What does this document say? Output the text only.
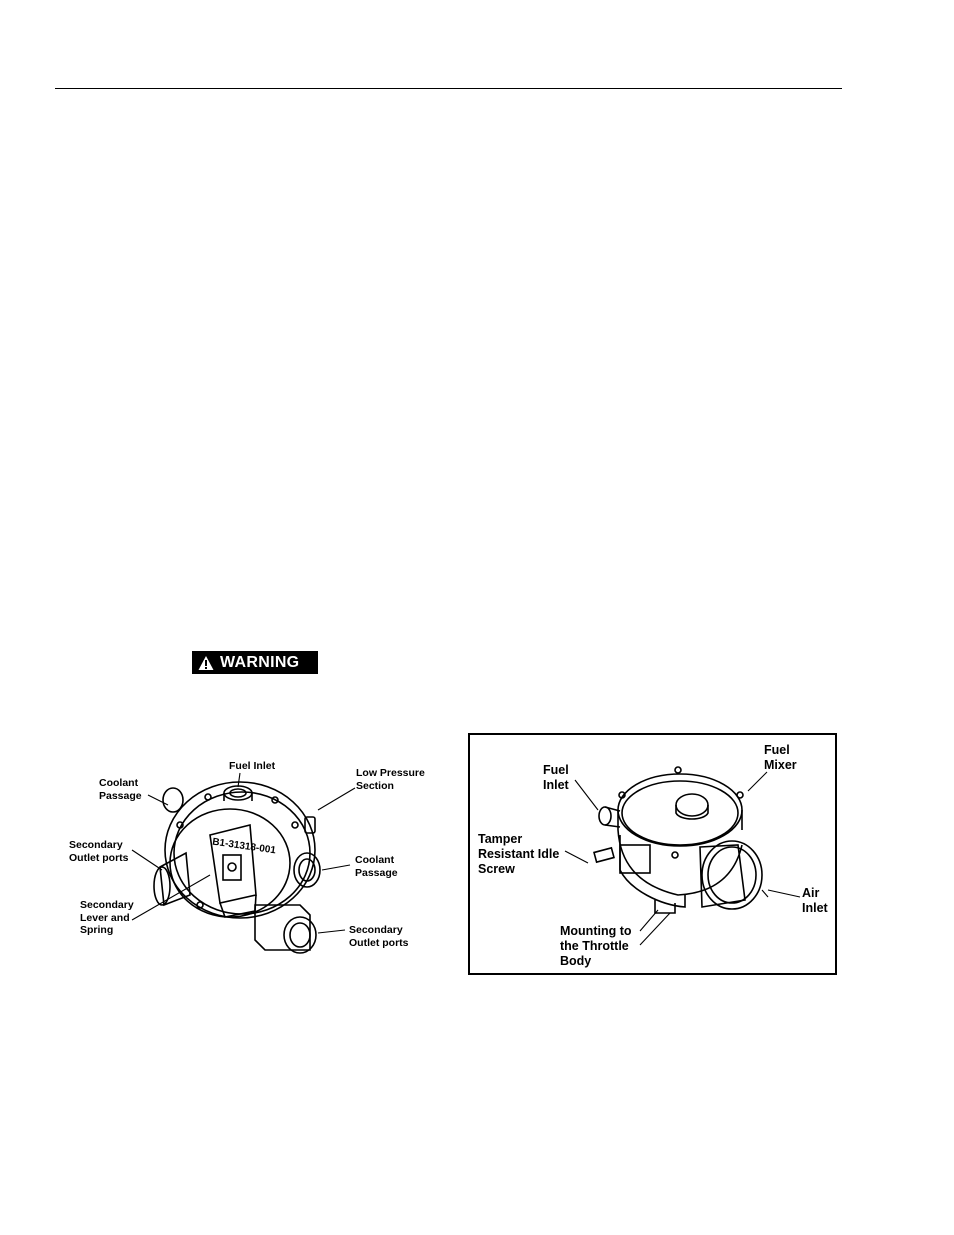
WARNING
Fuel Inlet
Low Pressure
Section
Coolant
Passage
Secondary
Outlet ports	Coolant
Passage
Secondary
Lever and
Spring	Secondary
Outlet ports
B1-31318-001
Fuel
Mixer
Fuel
Inlet
Tamper
Resistant Idle
Screw
Air
Inlet
Mounting to
the Throttle
Body
